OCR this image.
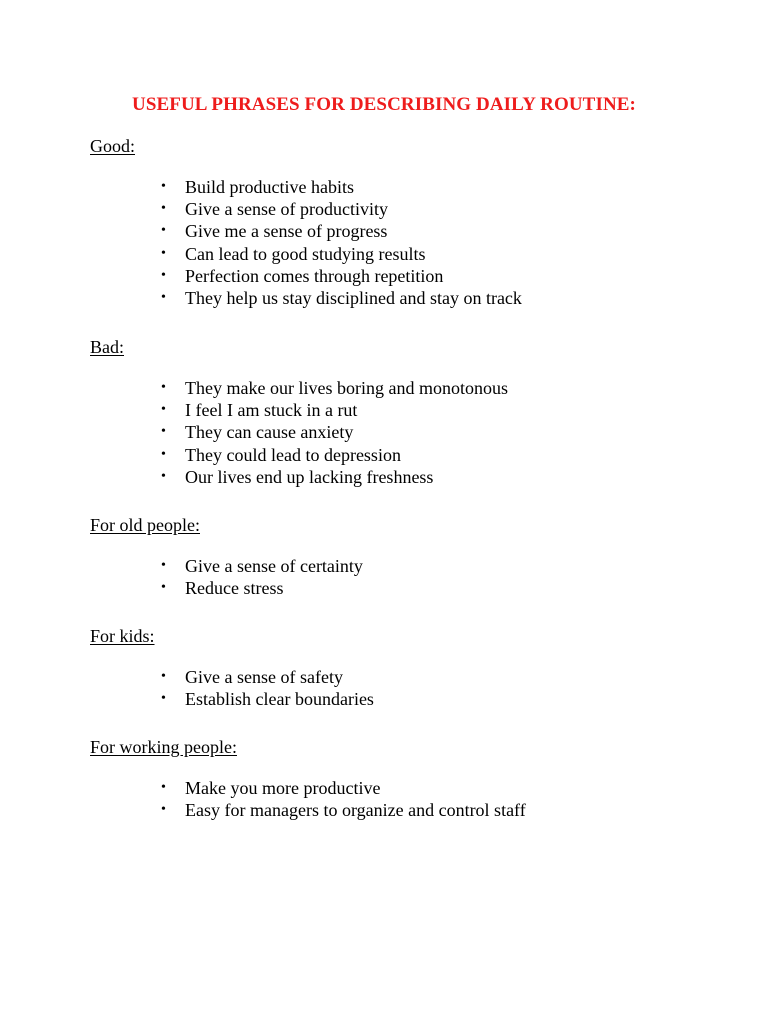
USEFUL PHRASES FOR DESCRIBING DAILY ROUTINE:
Good:
• Build productive habits
• Give a sense of productivity
• Give me a sense of progress
• Can lead to good studying results
• Perfection comes through repetition
• They help us stay disciplined and stay on track
Bad:
• They make our lives boring and monotonous
• I feel I am stuck in a rut
• They can cause anxiety
• They could lead to depression
• Our lives end up lacking freshness
For old people:
• Give a sense of certainty
• Reduce stress
For kids:
• Give a sense of safety
• Establish clear boundaries
For working people:
• Make you more productive
• Easy for managers to organize and control staff
